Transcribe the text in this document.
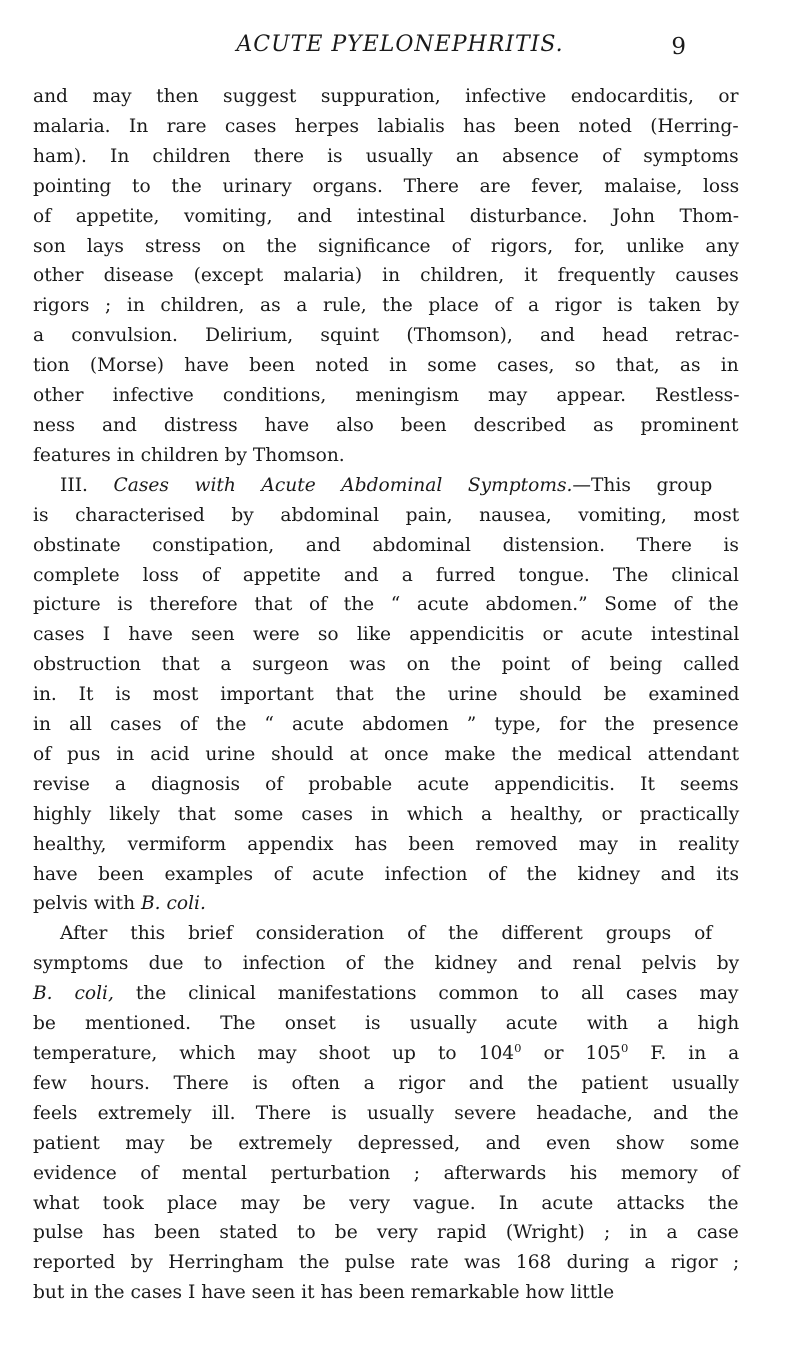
ACUTE PYELONEPHRITIS.	9

and may then suggest suppuration, infective endocarditis, or
malaria. In rare cases herpes labialis has been noted (Herring-
ham). In children there is usually an absence of symptoms
pointing to the urinary organs. There are fever, malaise, loss
of appetite, vomiting, and intestinal disturbance. John Thom-
son lays stress on the significance of rigors, for, unlike any
other disease (except malaria) in children, it frequently causes
rigors ; in children, as a rule, the place of a rigor is taken by
a convulsion. Delirium, squint (Thomson), and head retrac-
tion (Morse) have been noted in some cases, so that, as in
other infective conditions, meningism may appear. Restless-
ness and distress have also been described as prominent
features in children by Thomson.

III. Cases with Acute Abdominal Symptoms.—This group
is characterised by abdominal pain, nausea, vomiting, most
obstinate constipation, and abdominal distension. There is
complete loss of appetite and a furred tongue. The clinical
picture is therefore that of the “ acute abdomen.” Some of the
cases I have seen were so like appendicitis or acute intestinal
obstruction that a surgeon was on the point of being called
in. It is most important that the urine should be examined
in all cases of the “ acute abdomen ” type, for the presence
of pus in acid urine should at once make the medical attendant
revise a diagnosis of probable acute appendicitis. It seems
highly likely that some cases in which a healthy, or practically
healthy, vermiform appendix has been removed may in reality
have been examples of acute infection of the kidney and its
pelvis with B. coli.

After this brief consideration of the different groups of
symptoms due to infection of the kidney and renal pelvis by
B. coli, the clinical manifestations common to all cases may
be mentioned. The onset is usually acute with a high
temperature, which may shoot up to $104^0$ or $105^0$ F. in a
few hours. There is often a rigor and the patient usually
feels extremely ill. There is usually severe headache, and the
patient may be extremely depressed, and even show some
evidence of mental perturbation ; afterwards his memory of
what took place may be very vague. In acute attacks the
pulse has been stated to be very rapid (Wright) ; in a case
reported by Herringham the pulse rate was 168 during a rigor ;
but in the cases I have seen it has been remarkable how little
